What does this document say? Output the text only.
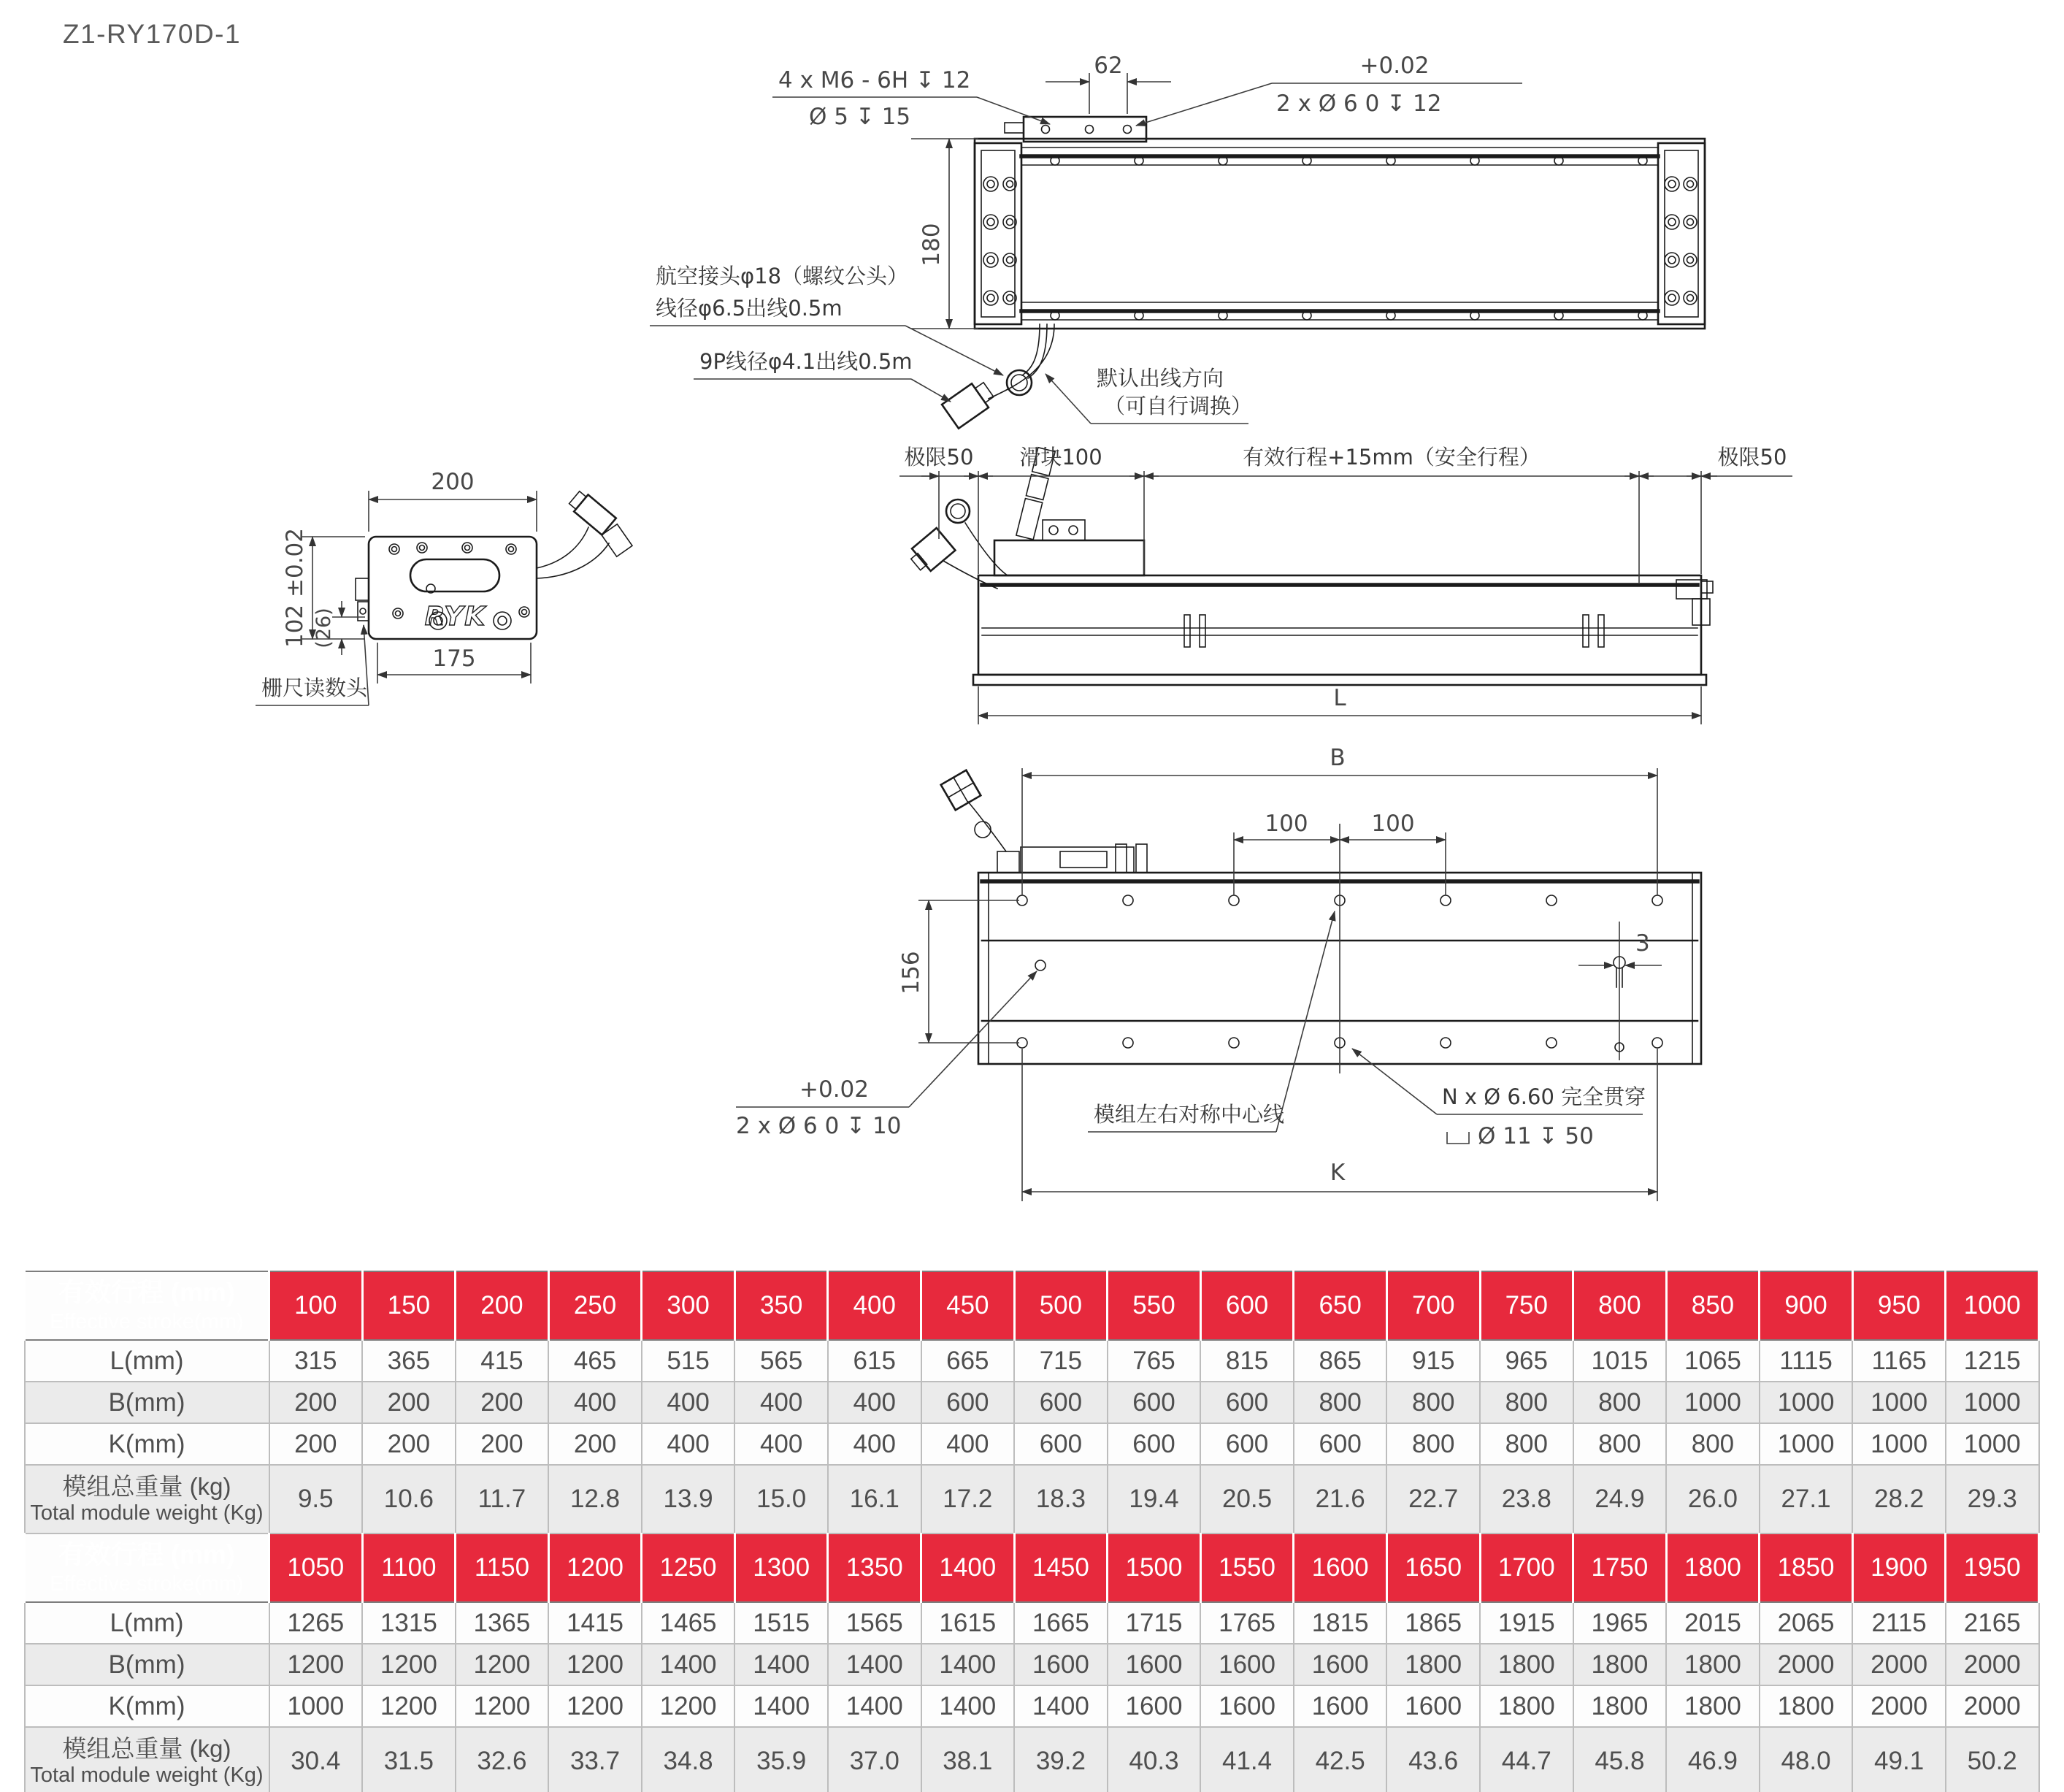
Z1-RY170D-1
180
62
4 x M6 - 6H ↧ 12
Ø 5 ↧ 15
+0.02
2 x Ø 6 0 ↧ 12
航空接头φ18（螺纹公头）
线径φ6.5出线0.5m
9P线径φ4.1出线0.5m
默认出线方向
（可自行调换）
RYK
200
175
102 ±0.02 (26)
栅尺读数头
极限50 滑块100	有效行程+15mm（安全行程）	极限50
L
3
B
100	100
156
K
+0.02
2 x Ø 6 0 ↧ 10	模组左右对称中心线
N x Ø 6.60 完全贯穿
Ø 11 ↧ 50
有效行程 (mm)
Effective stroke(mm)	100	150	200	250	300	350	400	450	500	550	600	650	700	750	800	850	900	950	1000
L(mm)	315	365	415	465	515	565	615	665	715	765	815	865	915	965	1015	1065	1115	1165	1215
B(mm)	200	200	200	400	400	400	400	600	600	600	600	800	800	800	800	1000	1000	1000	1000
K(mm)	200	200	200	200	400	400	400	400	600	600	600	600	800	800	800	800	1000	1000	1000

模组总重量 (kg)
Total module weight (Kg)	9.5	10.6	11.7	12.8	13.9	15.0	16.1	17.2	18.3	19.4	20.5	21.6	22.7	23.8	24.9	26.0	27.1	28.2	29.3

有效行程 (mm)
Effective stroke(mm)	1050	1100	1150	1200	1250	1300	1350	1400	1450	1500	1550	1600	1650	1700	1750	1800	1850	1900	1950
L(mm)	1265	1315	1365	1415	1465	1515	1565	1615	1665	1715	1765	1815	1865	1915	1965	2015	2065	2115	2165
B(mm)	1200	1200	1200	1200	1400	1400	1400	1400	1600	1600	1600	1600	1800	1800	1800	1800	2000	2000	2000
K(mm)	1000	1200	1200	1200	1200	1400	1400	1400	1400	1600	1600	1600	1600	1800	1800	1800	1800	2000	2000

模组总重量 (kg)
Total module weight (Kg)	30.4	31.5	32.6	33.7	34.8	35.9	37.0	38.1	39.2	40.3	41.4	42.5	43.6	44.7	45.8	46.9	48.0	49.1	50.2
